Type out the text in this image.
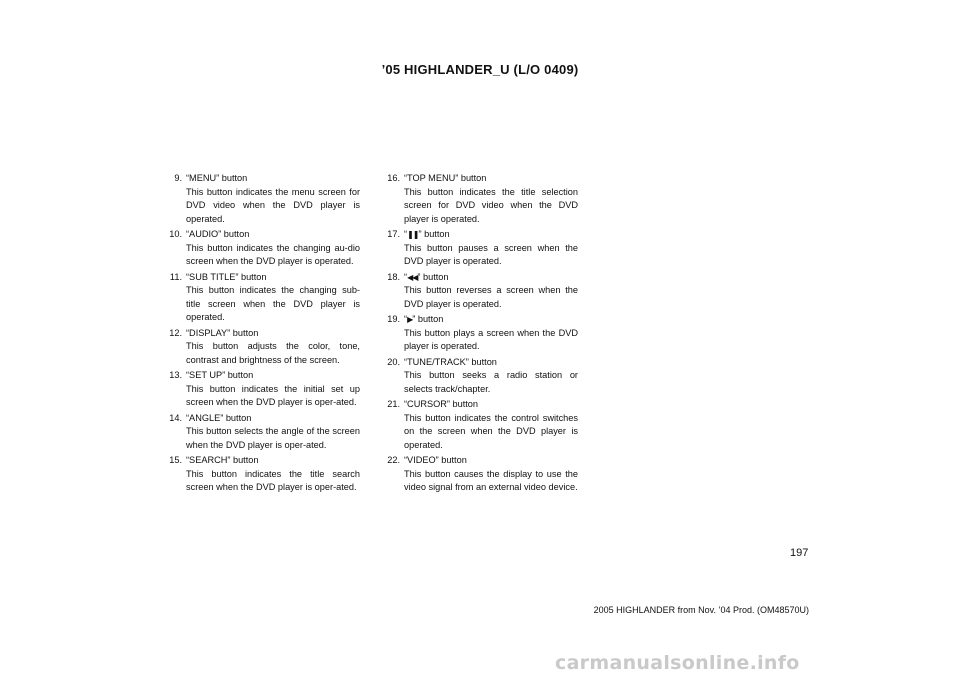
’05 HIGHLANDER_U (L/O 0409)
9. “MENU” button
This button indicates the menu screen for DVD video when the DVD player is operated.
10. “AUDIO” button
This button indicates the changing au-dio screen when the DVD player is operated.
11. “SUB TITLE” button
This button indicates the changing sub-title screen when the DVD player is operated.
12. “DISPLAY” button
This button adjusts the color, tone, contrast and brightness of the screen.
13. “SET UP” button
This button indicates the initial set up screen when the DVD player is oper-ated.
14. “ANGLE” button
This button selects the angle of the screen when the DVD player is oper-ated.
15. “SEARCH” button
This button indicates the title search screen when the DVD player is oper-ated.
16. “TOP MENU” button
This button indicates the title selection screen for DVD video when the DVD player is operated.
17. “❚❚” button
This button pauses a screen when the DVD player is operated.
18. “◀◀” button
This button reverses a screen when the DVD player is operated.
19. “▶” button
This button plays a screen when the DVD player is operated.
20. “TUNE/TRACK” button
This button seeks a radio station or selects track/chapter.
21. “CURSOR” button
This button indicates the control switches on the screen when the DVD player is operated.
22. “VIDEO” button
This button causes the display to use the video signal from an external video device.
197
2005 HIGHLANDER from Nov. ’04 Prod. (OM48570U)
carmanualsonline.info
